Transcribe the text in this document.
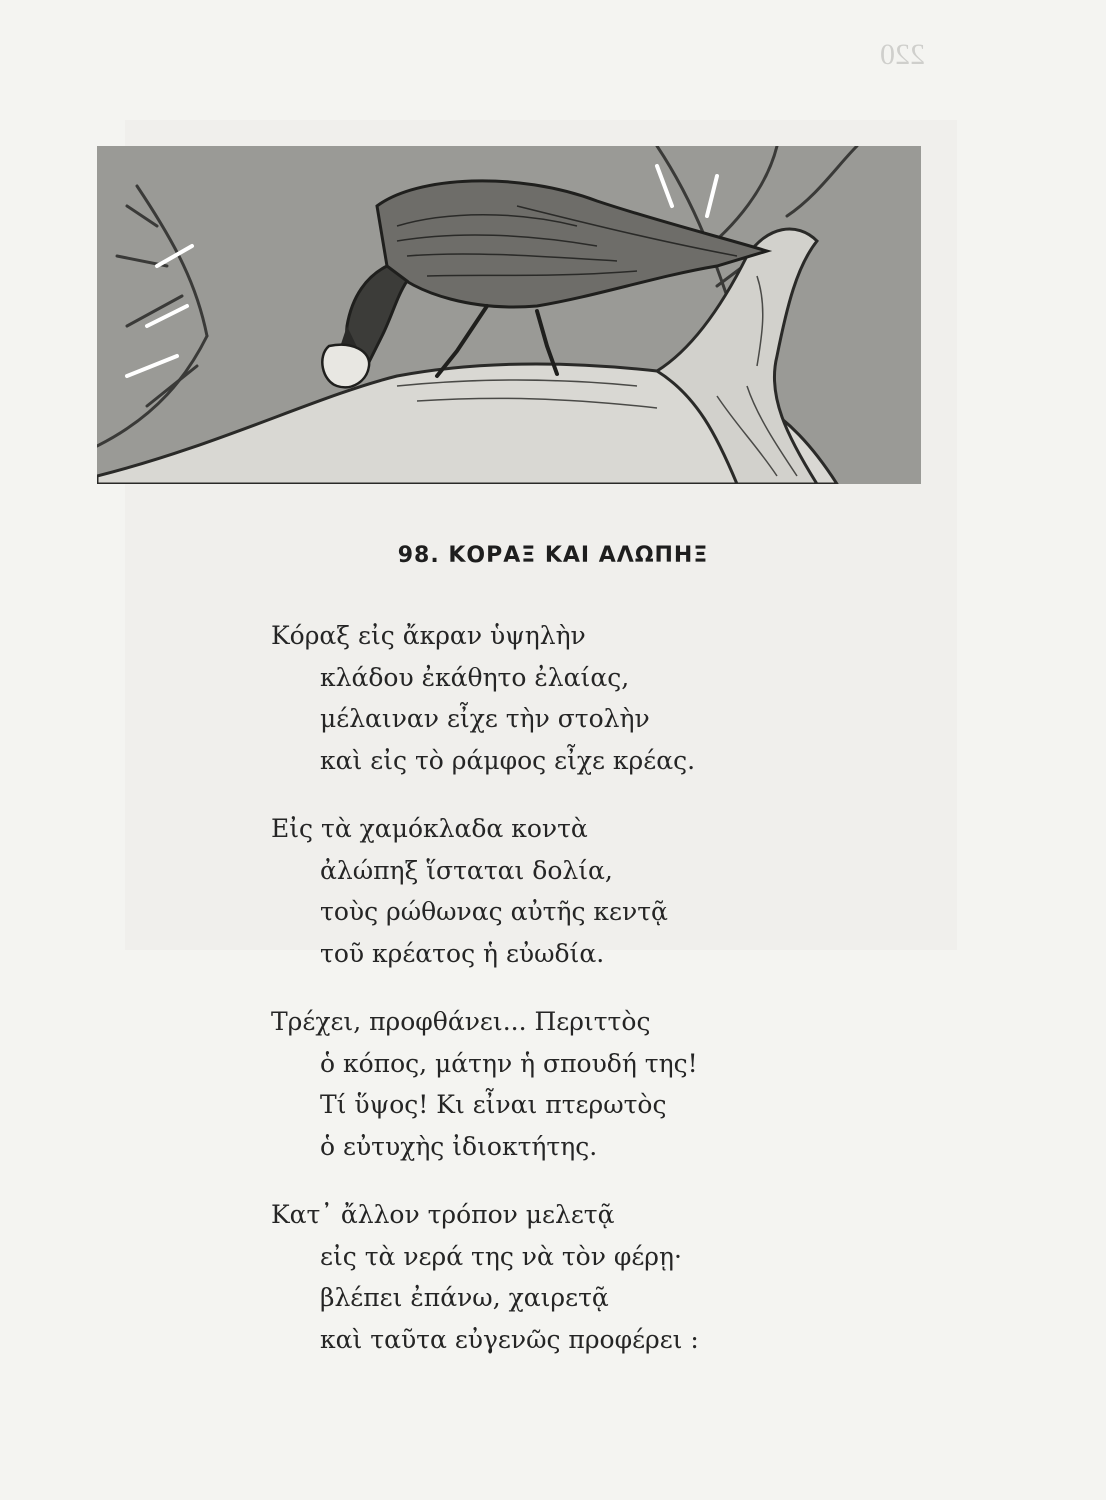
220
98. ΚΟΡΑΞ ΚΑΙ ΑΛΩΠΗΞ
Κόραξ εἰς ἄκραν ὑψηλὴν
κλάδου ἐκάθητο ἐλαίας,
μέλαιναν εἶχε τὴν στολὴν
καὶ εἰς τὸ ράμφος εἶχε κρέας.
Εἰς τὰ χαμόκλαδα κοντὰ
ἀλώπηξ ἵσταται δολία,
τοὺς ρώθωνας αὐτῆς κεντᾷ
τοῦ κρέατος ἡ εὐωδία.
Τρέχει, προφθάνει... Περιττὸς
ὁ κόπος, μάτην ἡ σπουδή της!
Τί ὕψος! Κι εἶναι πτερωτὸς
ὁ εὐτυχὴς ἰδιοκτήτης.
Κατ᾽ ἄλλον τρόπον μελετᾷ
εἰς τὰ νερά της νὰ τὸν φέρῃ·
βλέπει ἐπάνω, χαιρετᾷ
καὶ ταῦτα εὐγενῶς προφέρει :
